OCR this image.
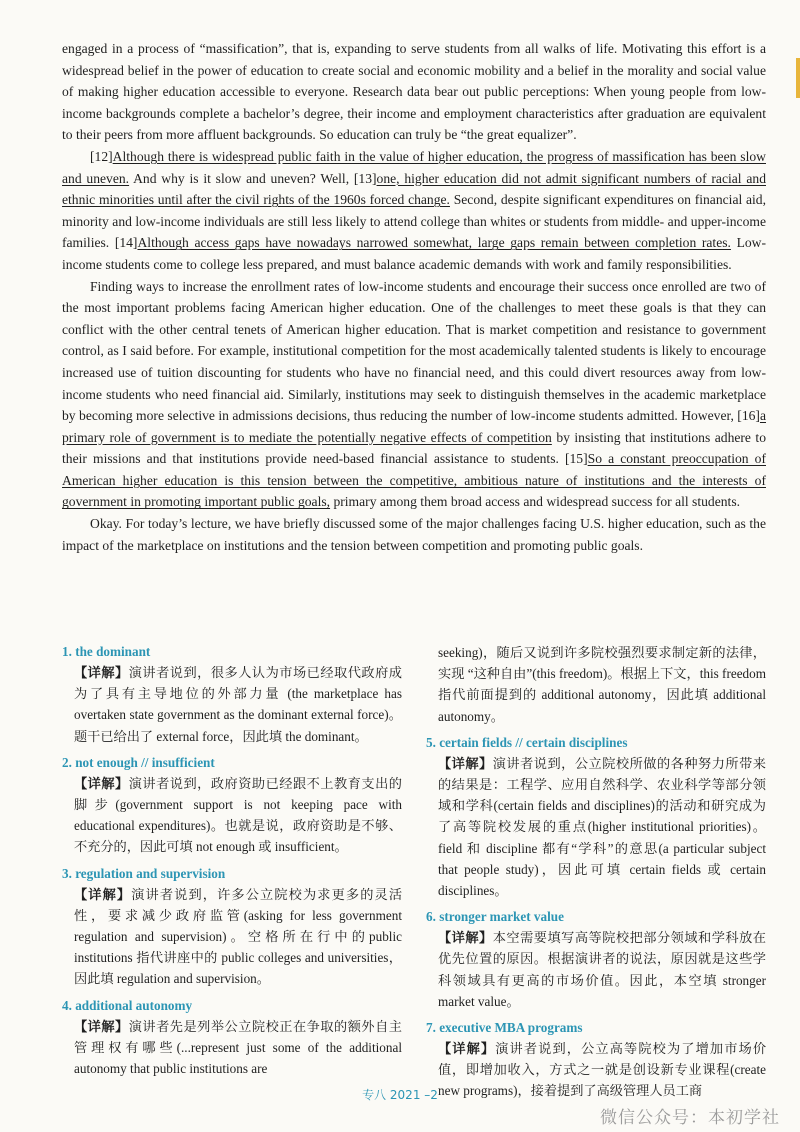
engaged in a process of “massification”, that is, expanding to serve students from all walks of life. Motivating this effort is a widespread belief in the power of education to create social and economic mobility and a belief in the morality and social value of making higher education accessible to everyone. Research data bear out public perceptions: When young people from low-income backgrounds complete a bachelor’s degree, their income and employment characteristics after graduation are equivalent to their peers from more affluent backgrounds. So education can truly be “the great equalizer”.

[12]Although there is widespread public faith in the value of higher education, the progress of massification has been slow and uneven. And why is it slow and uneven? Well, [13]one, higher education did not admit significant numbers of racial and ethnic minorities until after the civil rights of the 1960s forced change. Second, despite significant expenditures on financial aid, minority and low-income individuals are still less likely to attend college than whites or students from middle- and upper-income families. [14]Although access gaps have nowadays narrowed somewhat, large gaps remain between completion rates. Low-income students come to college less prepared, and must balance academic demands with work and family responsibilities.

Finding ways to increase the enrollment rates of low-income students and encourage their success once enrolled are two of the most important problems facing American higher education. One of the challenges to meet these goals is that they can conflict with the other central tenets of American higher education. That is market competition and resistance to government control, as I said before. For example, institutional competition for the most academically talented students is likely to encourage increased use of tuition discounting for students who have no financial need, and this could divert resources away from low-income students who need financial aid. Similarly, institutions may seek to distinguish themselves in the academic marketplace by becoming more selective in admissions decisions, thus reducing the number of low-income students admitted. However, [16]a primary role of government is to mediate the potentially negative effects of competition by insisting that institutions adhere to their missions and that institutions provide need-based financial assistance to students. [15]So a constant preoccupation of American higher education is this tension between the competitive, ambitious nature of institutions and the interests of government in promoting important public goals, primary among them broad access and widespread success for all students.

Okay. For today’s lecture, we have briefly discussed some of the major challenges facing U.S. higher education, such as the impact of the marketplace on institutions and the tension between competition and promoting public goals.

1. the dominant

【详解】演讲者说到，很多人认为市场已经取代政府成为了具有主导地位的外部力量 (the marketplace has overtaken state government as the dominant external force)。题干已给出了 external force，因此填 the dominant。

2. not enough // insufficient

【详解】演讲者说到，政府资助已经跟不上教育支出的脚步(government support is not keeping pace with educational expenditures)。也就是说，政府资助是不够、不充分的，因此可填 not enough 或 insufficient。

3. regulation and supervision

【详解】演讲者说到，许多公立院校为求更多的灵活性，要求减少政府监管(asking for less government regulation and supervision)。空格所在行中的public institutions 指代讲座中的 public colleges and universities，因此填 regulation and supervision。

4. additional autonomy

【详解】演讲者先是列举公立院校正在争取的额外自主管理权有哪些(...represent just some of the additional autonomy that public institutions are

seeking)，随后又说到许多院校强烈要求制定新的法律，实现 “这种自由”(this freedom)。根据上下文，this freedom 指代前面提到的 additional autonomy，因此填 additional autonomy。

5. certain fields // certain disciplines

【详解】演讲者说到，公立院校所做的各种努力所带来的结果是：工程学、应用自然科学、农业科学等部分领域和学科(certain fields and disciplines)的活动和研究成为了高等院校发展的重点(higher institutional priorities)。field 和 discipline 都有“学科”的意思(a particular subject that people study)，因此可填 certain fields 或 certain disciplines。

6. stronger market value

【详解】本空需要填写高等院校把部分领域和学科放在优先位置的原因。根据演讲者的说法，原因就是这些学科领域具有更高的市场价值。因此，本空填 stronger market value。

7. executive MBA programs

【详解】演讲者说到，公立高等院校为了增加市场价值，即增加收入，方式之一就是创设新专业课程(create new programs)，接着提到了高级管理人员工商

专八 2021 –2
微信公众号：本初学社
